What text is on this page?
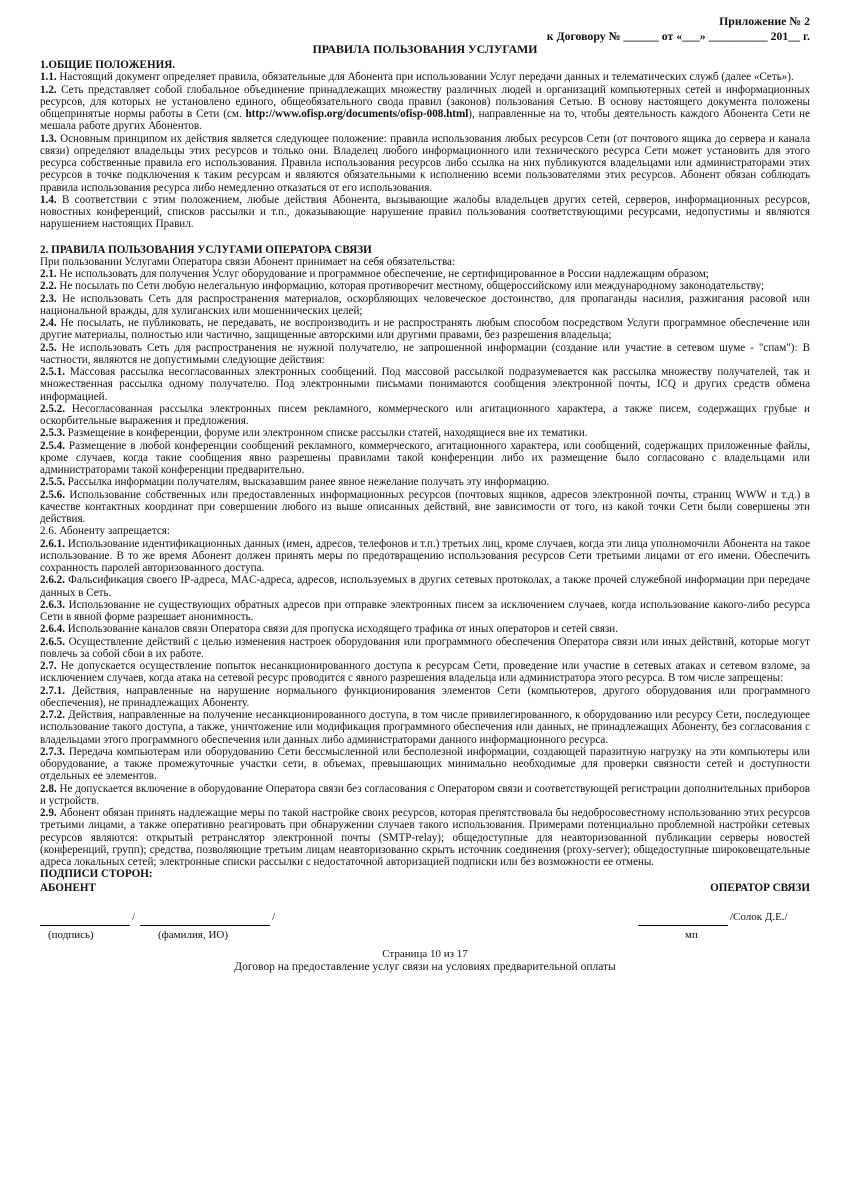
Приложение № 2
к Договору № ______ от «___» __________ 201__ г.
ПРАВИЛА ПОЛЬЗОВАНИЯ УСЛУГАМИ
1.ОБЩИЕ ПОЛОЖЕНИЯ.

1.1. Настоящий документ определяет правила, обязательные для Абонента при использовании Услуг передачи данных и телематических служб (далее «Сеть»).

1.2. Сеть представляет собой глобальное объединение принадлежащих множеству различных людей и организаций компьютерных сетей и информационных ресурсов, для которых не установлено единого, общеобязательного свода правил (законов) пользования Сетью. В основу настоящего документа положены общепринятые нормы работы в Сети (см. http://www.ofisp.org/documents/ofisp-008.html), направленные на то, чтобы деятельность каждого Абонента Сети не мешала работе других Абонентов.

1.3. Основным принципом их действия является следующее положение: правила использования любых ресурсов Сети (от почтового ящика до сервера и канала связи) определяют владельцы этих ресурсов и только они. Владелец любого информационного или технического ресурса Сети может установить для этого ресурса собственные правила его использования. Правила использования ресурсов либо ссылка на них публикуются владельцами или администраторами этих ресурсов в точке подключения к таким ресурсам и являются обязательными к исполнению всеми пользователями этих ресурсов. Абонент обязан соблюдать правила использования ресурса либо немедленно отказаться от его использования.

1.4. В соответствии с этим положением, любые действия Абонента, вызывающие жалобы владельцев других сетей, серверов, информационных ресурсов, новостных конференций, списков рассылки и т.п., доказывающие нарушение правил пользования соответствующими ресурсами, недопустимы и являются нарушением настоящих Правил.

2. ПРАВИЛА ПОЛЬЗОВАНИЯ УСЛУГАМИ ОПЕРАТОРА СВЯЗИ

При пользовании Услугами Оператора связи Абонент принимает на себя обязательства:

2.1. Не использовать для получения Услуг оборудование и программное обеспечение, не сертифицированное в России надлежащим образом;

2.2. Не посылать по Сети любую нелегальную информацию, которая противоречит местному, общероссийскому или международному законодательству;

2.3. Не использовать Сеть для распространения материалов, оскорбляющих человеческое достоинство, для пропаганды насилия, разжигания расовой или национальной вражды, для хулиганских или мошеннических целей;

2.4. Не посылать, не публиковать, не передавать, не воспроизводить и не распространять любым способом посредством Услуги программное обеспечение или другие материалы, полностью или частично, защищенные авторскими или другими правами, без разрешения владельца;

2.5. Не использовать Сеть для распространения не нужной получателю, не запрошенной информации (создание или участие в сетевом шуме - "спам"): В частности, являются не допустимыми следующие действия:

2.5.1. Массовая рассылка несогласованных электронных сообщений. Под массовой рассылкой подразумевается как рассылка множеству получателей, так и множественная рассылка одному получателю. Под электронными письмами понимаются сообщения электронной почты, ICQ и других средств обмена информацией.

2.5.2. Несогласованная рассылка электронных писем рекламного, коммерческого или агитационного характера, а также писем, содержащих грубые и оскорбительные выражения и предложения.

2.5.3. Размещение в конференции, форуме или электронном списке рассылки статей, находящиеся вне их тематики.

2.5.4. Размещение в любой конференции сообщений рекламного, коммерческого, агитационного характера, или сообщений, содержащих приложенные файлы, кроме случаев, когда такие сообщения явно разрешены правилами такой конференции либо их размещение было согласовано с владельцами или администраторами такой конференции предварительно.

2.5.5. Рассылка информации получателям, высказавшим ранее явное нежелание получать эту информацию.

2.5.6. Использование собственных или предоставленных информационных ресурсов (почтовых ящиков, адресов электронной почты, страниц WWW и т.д.) в качестве контактных координат при совершении любого из выше описанных действий, вне зависимости от того, из какой точки Сети были совершены эти действия.

2.6. Абоненту запрещается:

2.6.1. Использование идентификационных данных (имен, адресов, телефонов и т.п.) третьих лиц, кроме случаев, когда эти лица уполномочили Абонента на такое использование. В то же время Абонент должен принять меры по предотвращению использования ресурсов Сети третьими лицами от его имени. Обеспечить сохранность паролей авторизованного доступа.

2.6.2. Фальсификация своего IP-адреса, MAC-адреса, адресов, используемых в других сетевых протоколах, а также прочей служебной информации при передаче данных в Сеть.

2.6.3. Использование не существующих обратных адресов при отправке электронных писем за исключением случаев, когда использование какого-либо ресурса Сети в явной форме разрешает анонимность.

2.6.4. Использование каналов связи Оператора связи для пропуска исходящего трафика от иных операторов и сетей связи.

2.6.5. Осуществление действий с целью изменения настроек оборудования или программного обеспечения Оператора связи или иных действий, которые могут повлечь за собой сбои в их работе.

2.7. Не допускается осуществление попыток несанкционированного доступа к ресурсам Сети, проведение или участие в сетевых атаках и сетевом взломе, за исключением случаев, когда атака на сетевой ресурс проводится с явного разрешения владельца или администратора этого ресурса. В том числе запрещены:

2.7.1. Действия, направленные на нарушение нормального функционирования элементов Сети (компьютеров, другого оборудования или программного обеспечения), не принадлежащих Абоненту.

2.7.2. Действия, направленные на получение несанкционированного доступа, в том числе привилегированного, к оборудованию или ресурсу Сети, последующее использование такого доступа, а также, уничтожение или модификация программного обеспечения или данных, не принадлежащих Абоненту, без согласования с владельцами этого программного обеспечения или данных либо администраторами данного информационного ресурса.

2.7.3. Передача компьютерам или оборудованию Сети бессмысленной или бесполезной информации, создающей паразитную нагрузку на эти компьютеры или оборудование, а также промежуточные участки сети, в объемах, превышающих минимально необходимые для проверки связности сетей и доступности отдельных ее элементов.

2.8. Не допускается включение в оборудование Оператора связи без согласования с Оператором связи и соответствующей регистрации дополнительных приборов и устройств.

2.9. Абонент обязан принять надлежащие меры по такой настройке своих ресурсов, которая препятствовала бы недобросовестному использованию этих ресурсов третьими лицами, а также оперативно реагировать при обнаружении случаев такого использования. Примерами потенциально проблемной настройки сетевых ресурсов являются: открытый ретранслятор электронной почты (SMTP-relay); общедоступные для неавторизованной публикации серверы новостей (конференций, групп); средства, позволяющие третьим лицам неавторизованно скрыть источник соединения (proxy-server); общедоступные широковещательные адреса локальных сетей; электронные списки рассылки с недостаточной авторизацией подписки или без возможности ее отмены.

ПОДПИСИ СТОРОН:
АБОНЕНТ	ОПЕРАТОР СВЯЗИ
/	/
(подпись)	(фамилия, ИО)
/Солок Д.Е./
мп
Страница 10 из 17
Договор на предоставление услуг связи на условиях предварительной оплаты
